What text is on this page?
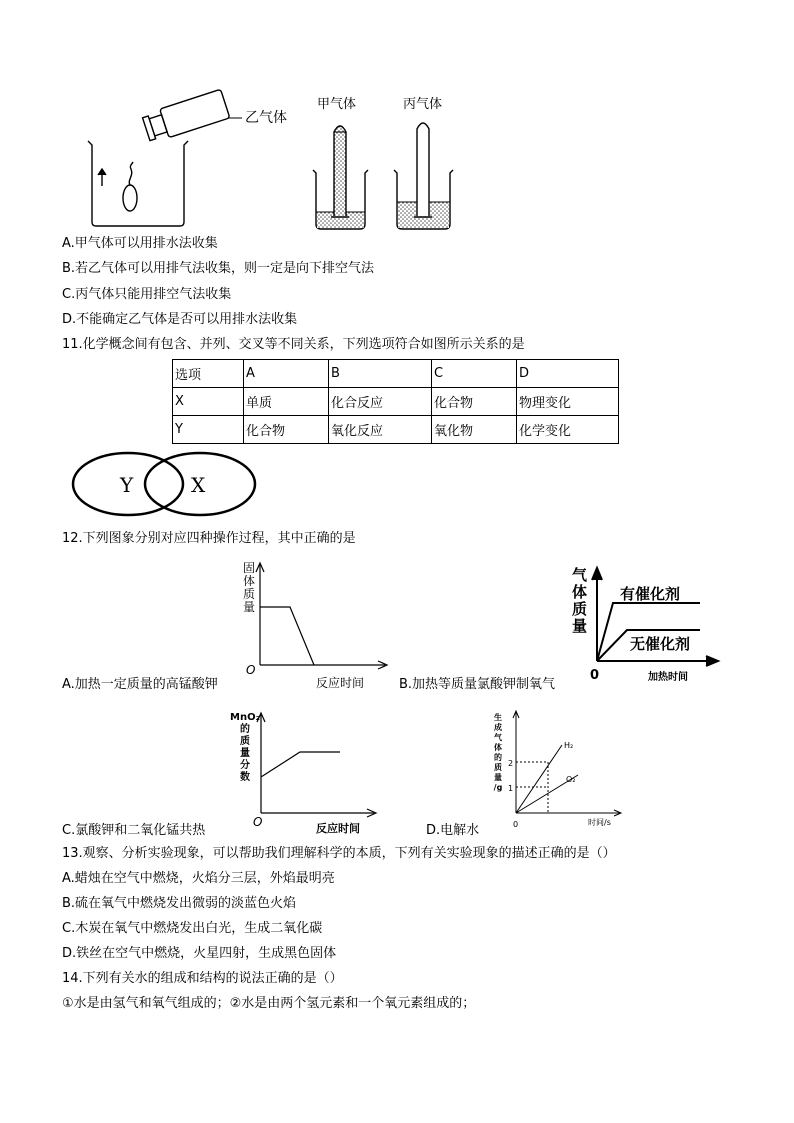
乙气体
甲气体	丙气体
A.甲气体可以用排水法收集
B.若乙气体可以用排气法收集，则一定是向下排空气法
C.丙气体只能用排空气法收集
D.不能确定乙气体是否可以用排水法收集
11.化学概念间有包含、并列、交叉等不同关系，下列选项符合如图所示关系的是
选项	A	B	C	D
X	单质	化合反应	化合物	物理变化
Y	化合物	氧化反应	氧化物	化学变化
Y	X
12.下列图象分别对应四种操作过程，其中正确的是
O
固
体
质
量
反应时间
A.加热一定质量的高锰酸钾
0
气
体
质
量
有催化剂
无催化剂
加热时间
B.加热等质量氯酸钾制氧气
O
MnO₂
的
质
量
分
数
反应时间
C.氯酸钾和二氧化锰共热
2
1
0
H₂
O₂
时间/s
生
成
气
体
的
质
量
/g
D.电解水
13.观察、分析实验现象，可以帮助我们理解科学的本质，下列有关实验现象的描述正确的是（）
A.蜡烛在空气中燃烧，火焰分三层，外焰最明亮
B.硫在氧气中燃烧发出微弱的淡蓝色火焰
C.木炭在氧气中燃烧发出白光，生成二氧化碳
D.铁丝在空气中燃烧，火星四射，生成黑色固体
14.下列有关水的组成和结构的说法正确的是（）
①水是由氢气和氧气组成的；②水是由两个氢元素和一个氧元素组成的；
